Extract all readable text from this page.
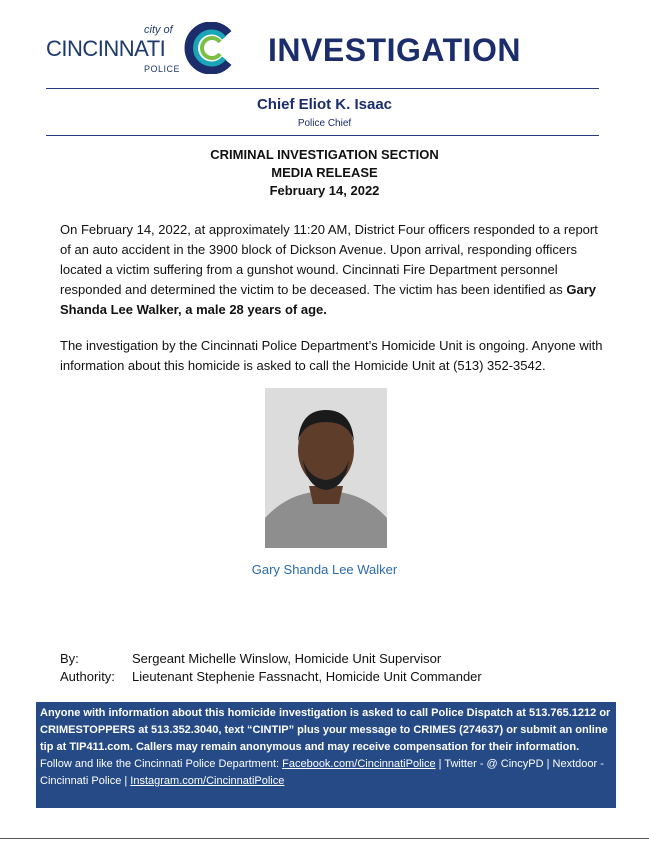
city of
CINCINNATI
POLICE
INVESTIGATION
Chief Eliot K. Isaac
Police Chief
CRIMINAL INVESTIGATION SECTION
MEDIA RELEASE
February 14, 2022
On February 14, 2022, at approximately 11:20 AM, District Four officers responded to a report of an auto accident in the 3900 block of Dickson Avenue. Upon arrival, responding officers located a victim suffering from a gunshot wound. Cincinnati Fire Department personnel responded and determined the victim to be deceased. The victim has been identified as Gary Shanda Lee Walker, a male 28 years of age.
The investigation by the Cincinnati Police Department’s Homicide Unit is ongoing. Anyone with information about this homicide is asked to call the Homicide Unit at (513) 352-3542.
Gary Shanda Lee Walker
By:	Sergeant Michelle Winslow, Homicide Unit Supervisor
Authority: Lieutenant Stephenie Fassnacht, Homicide Unit Commander
Anyone with information about this homicide investigation is asked to call Police Dispatch at 513.765.1212 or CRIMESTOPPERS at 513.352.3040, text “CINTIP” plus your message to CRIMES (274637) or submit an online tip at TIP411.com. Callers may remain anonymous and may receive compensation for their information.
Follow and like the Cincinnati Police Department: Facebook.com/CincinnatiPolice | Twitter - @ CincyPD | Nextdoor - Cincinnati Police | Instagram.com/CincinnatiPolice
